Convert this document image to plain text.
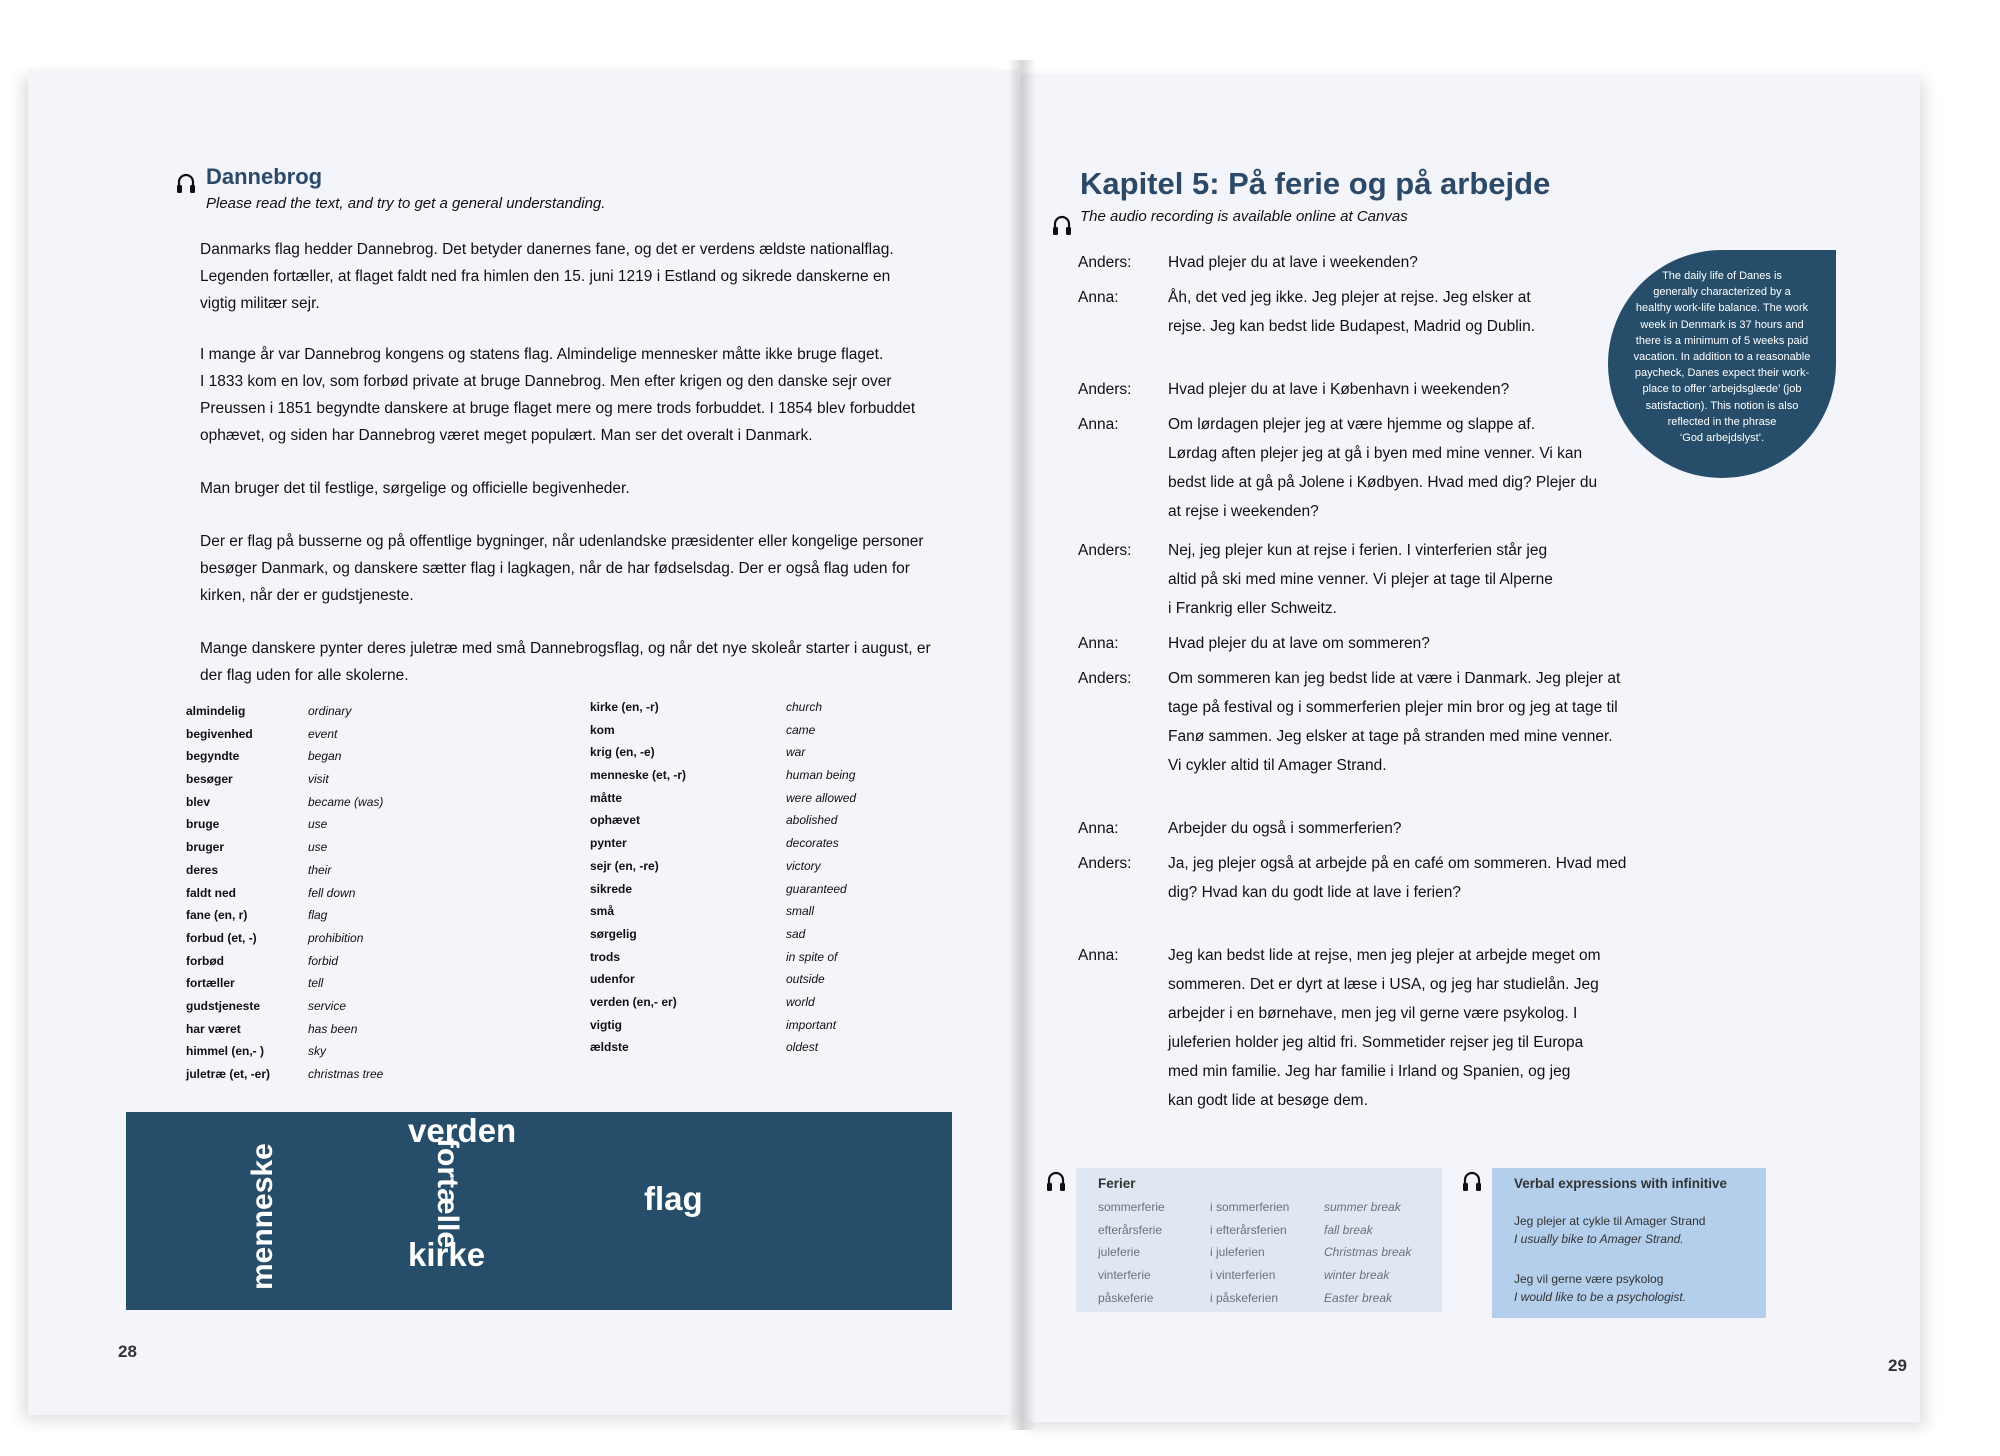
Dannebrog
Please read the text, and try to get a general understanding.
Danmarks flag hedder Dannebrog. Det betyder danernes fane, og det er verdens ældste nationalflag.
Legenden fortæller, at flaget faldt ned fra himlen den 15. juni 1219 i Estland og sikrede danskerne en
vigtig militær sejr.
I mange år var Dannebrog kongens og statens flag. Almindelige mennesker måtte ikke bruge flaget.
I 1833 kom en lov, som forbød private at bruge Dannebrog. Men efter krigen og den danske sejr over
Preussen i 1851 begyndte danskere at bruge flaget mere og mere trods forbuddet. I 1854 blev forbuddet
ophævet, og siden har Dannebrog været meget populært. Man ser det overalt i Danmark.
Man bruger det til festlige, sørgelige og officielle begivenheder.
Der er flag på busserne og på offentlige bygninger, når udenlandske præsidenter eller kongelige personer
besøger Danmark, og danskere sætter flag i lagkagen, når de har fødselsdag. Der er også flag uden for
kirken, når der er gudstjeneste.
Mange danskere pynter deres juletræ med små Dannebrogsflag, og når det nye skoleår starter i august, er
der flag uden for alle skolerne.
almindelig	ordinary
begivenhed	event
begyndte	began
besøger	visit
blev	became (was)
bruge	use
bruger	use
deres	their
faldt ned	fell down
fane (en, r)	flag
forbud (et, -)	prohibition
forbød	forbid
fortæller	tell
gudstjeneste	service
har været	has been
himmel (en,- )	sky
juletræ (et, -er)	christmas tree
kirke (en, -r)	church
kom	came
krig (en, -e)	war
menneske (et, -r)	human being
måtte	were allowed
ophævet	abolished
pynter	decorates
sejr (en, -re)	victory
sikrede	guaranteed
små	small
sørgelig	sad
trods	in spite of
udenfor	outside
verden (en,- er)	world
vigtig	important
ældste	oldest
menneske
verden
kirke
fortælle	flag
28
Kapitel 5: På ferie og på arbejde
The audio recording is available online at Canvas
Anders:	Hvad plejer du at lave i weekenden?
Anna:	Åh, det ved jeg ikke. Jeg plejer at rejse. Jeg elsker at
rejse. Jeg kan bedst lide Budapest, Madrid og Dublin.
Anders:	Hvad plejer du at lave i København i weekenden?
Anna:	Om lørdagen plejer jeg at være hjemme og slappe af.
Lørdag aften plejer jeg at gå i byen med mine venner. Vi kan
bedst lide at gå på Jolene i Kødbyen. Hvad med dig? Plejer du
at rejse i weekenden?
Anders:	Nej, jeg plejer kun at rejse i ferien. I vinterferien står jeg
altid på ski med mine venner. Vi plejer at tage til Alperne
i Frankrig eller Schweitz.
Anna:	Hvad plejer du at lave om sommeren?
Anders:	Om sommeren kan jeg bedst lide at være i Danmark. Jeg plejer at
tage på festival og i sommerferien plejer min bror og jeg at tage til
Fanø sammen. Jeg elsker at tage på stranden med mine venner.
Vi cykler altid til Amager Strand.
Anna:	Arbejder du også i sommerferien?
Anders:	Ja, jeg plejer også at arbejde på en café om sommeren. Hvad med
dig? Hvad kan du godt lide at lave i ferien?
Anna:	Jeg kan bedst lide at rejse, men jeg plejer at arbejde meget om
sommeren. Det er dyrt at læse i USA, og jeg har studielån. Jeg
arbejder i en børnehave, men jeg vil gerne være psykolog. I
juleferien holder jeg altid fri. Sommetider rejser jeg til Europa
med min familie. Jeg har familie i Irland og Spanien, og jeg
kan godt lide at besøge dem.
The daily life of Danes is
generally characterized by a
healthy work-life balance. The work
week in Denmark is 37 hours and
there is a minimum of 5 weeks paid
vacation. In addition to a reasonable
paycheck, Danes expect their work-
place to offer ‘arbejdsglæde’ (job
satisfaction). This notion is also
reflected in the phrase
‘God arbejdslyst’.
Ferier
sommerferie	i sommerferien	summer break
efterårsferie	i efterårsferien	fall break
juleferie	i juleferien	Christmas break
vinterferie	i vinterferien	winter break
påskeferie	i påskeferien	Easter break
Verbal expressions with infinitive
Jeg plejer at cykle til Amager Strand
I usually bike to Amager Strand.
Jeg vil gerne være psykolog
I would like to be a psychologist.
29
